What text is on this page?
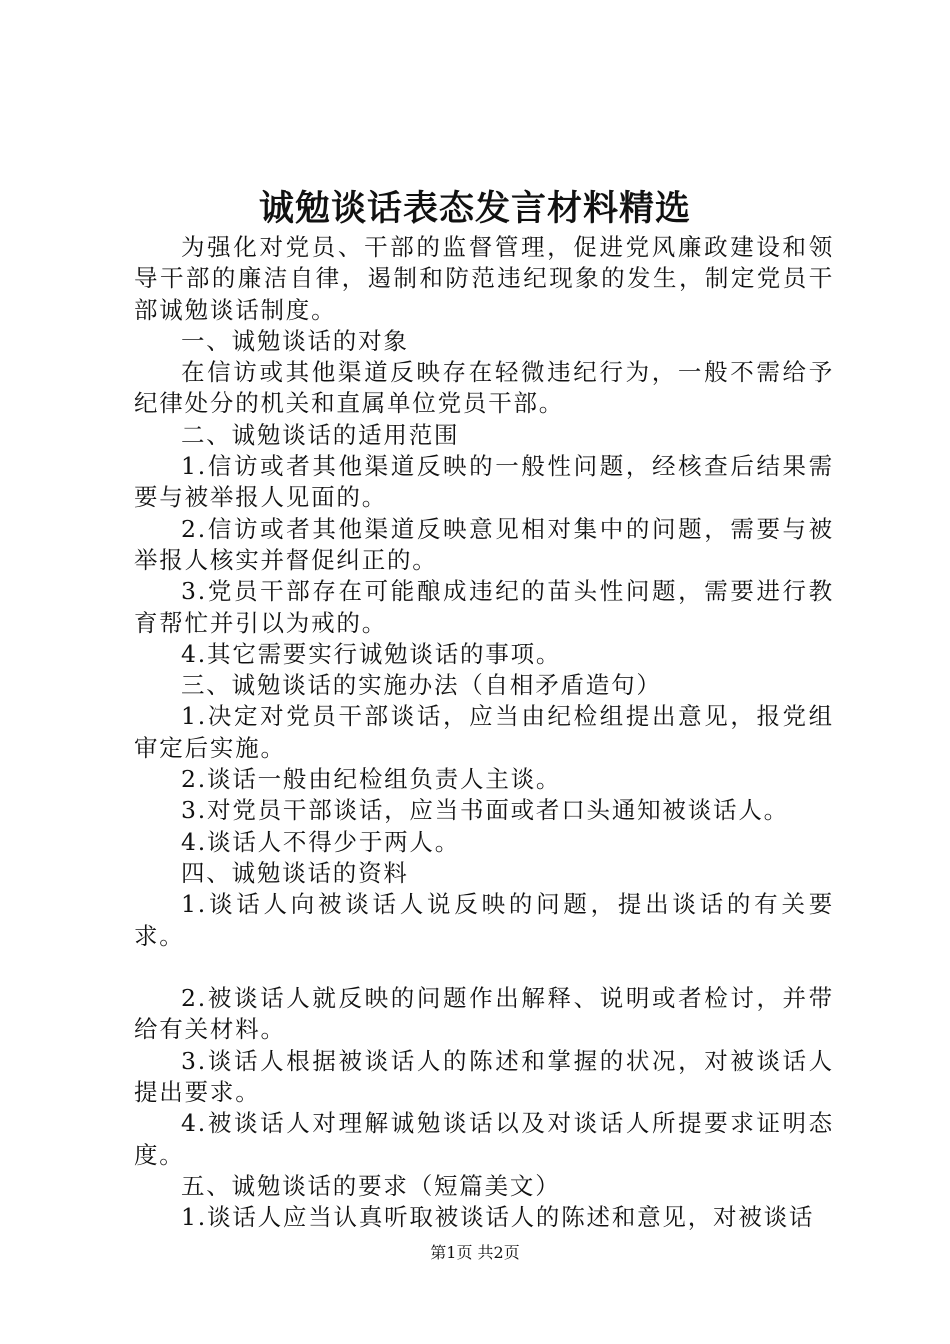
诚勉谈话表态发言材料精选

为强化对党员、干部的监督管理，促进党风廉政建设和领导干部的廉洁自律，遏制和防范违纪现象的发生，制定党员干部诚勉谈话制度。

一、诚勉谈话的对象

在信访或其他渠道反映存在轻微违纪行为，一般不需给予纪律处分的机关和直属单位党员干部。

二、诚勉谈话的适用范围

1.信访或者其他渠道反映的一般性问题，经核查后结果需要与被举报人见面的。

2.信访或者其他渠道反映意见相对集中的问题，需要与被举报人核实并督促纠正的。

3.党员干部存在可能酿成违纪的苗头性问题，需要进行教育帮忙并引以为戒的。

4.其它需要实行诚勉谈话的事项。

三、诚勉谈话的实施办法（自相矛盾造句）

1.决定对党员干部谈话，应当由纪检组提出意见，报党组审定后实施。

2.谈话一般由纪检组负责人主谈。

3.对党员干部谈话，应当书面或者口头通知被谈话人。

4.谈话人不得少于两人。

四、诚勉谈话的资料

1.谈话人向被谈话人说反映的问题，提出谈话的有关要求。

2.被谈话人就反映的问题作出解释、说明或者检讨，并带给有关材料。

3.谈话人根据被谈话人的陈述和掌握的状况，对被谈话人提出要求。

4.被谈话人对理解诚勉谈话以及对谈话人所提要求证明态度。

五、诚勉谈话的要求（短篇美文）

1.谈话人应当认真听取被谈话人的陈述和意见，对被谈话

第1页 共2页
